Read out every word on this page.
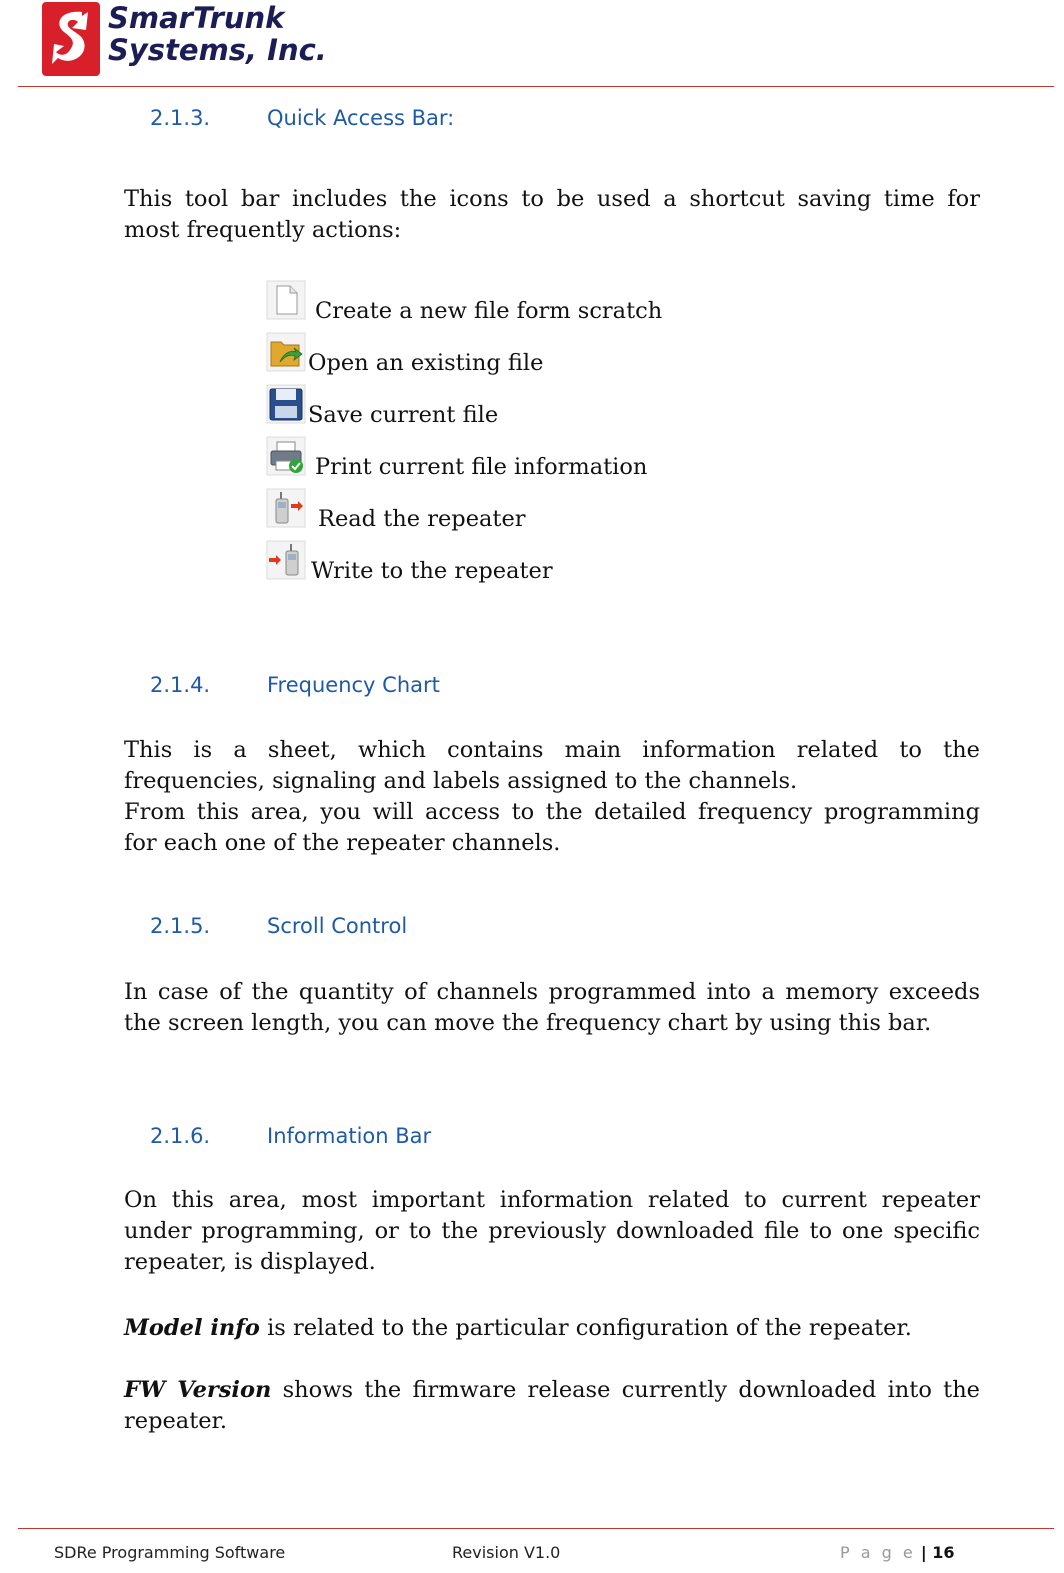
SmarTrunk
Systems, Inc.
2.1.3.	Quick Access Bar:
This tool bar includes the icons to be used a shortcut saving time for
most frequently actions:
Create a new file form scratch
Open an existing file
Save current file
Print current file information
Read the repeater
Write to the repeater
2.1.4.	Frequency Chart
This is a sheet, which contains main information related to the
frequencies, signaling and labels assigned to the channels.
From this area, you will access to the detailed frequency programming
for each one of the repeater channels.
2.1.5.	Scroll Control
In case of the quantity of channels programmed into a memory exceeds
the screen length, you can move the frequency chart by using this bar.
2.1.6.	Information Bar
On this area, most important information related to current repeater
under programming, or to the previously downloaded file to one specific
repeater, is displayed.
Model info is related to the particular configuration of the repeater.
FW Version shows the firmware release currently downloaded into the
repeater.
SDRe Programming Software	Revision V1.0	P a g e | 16
